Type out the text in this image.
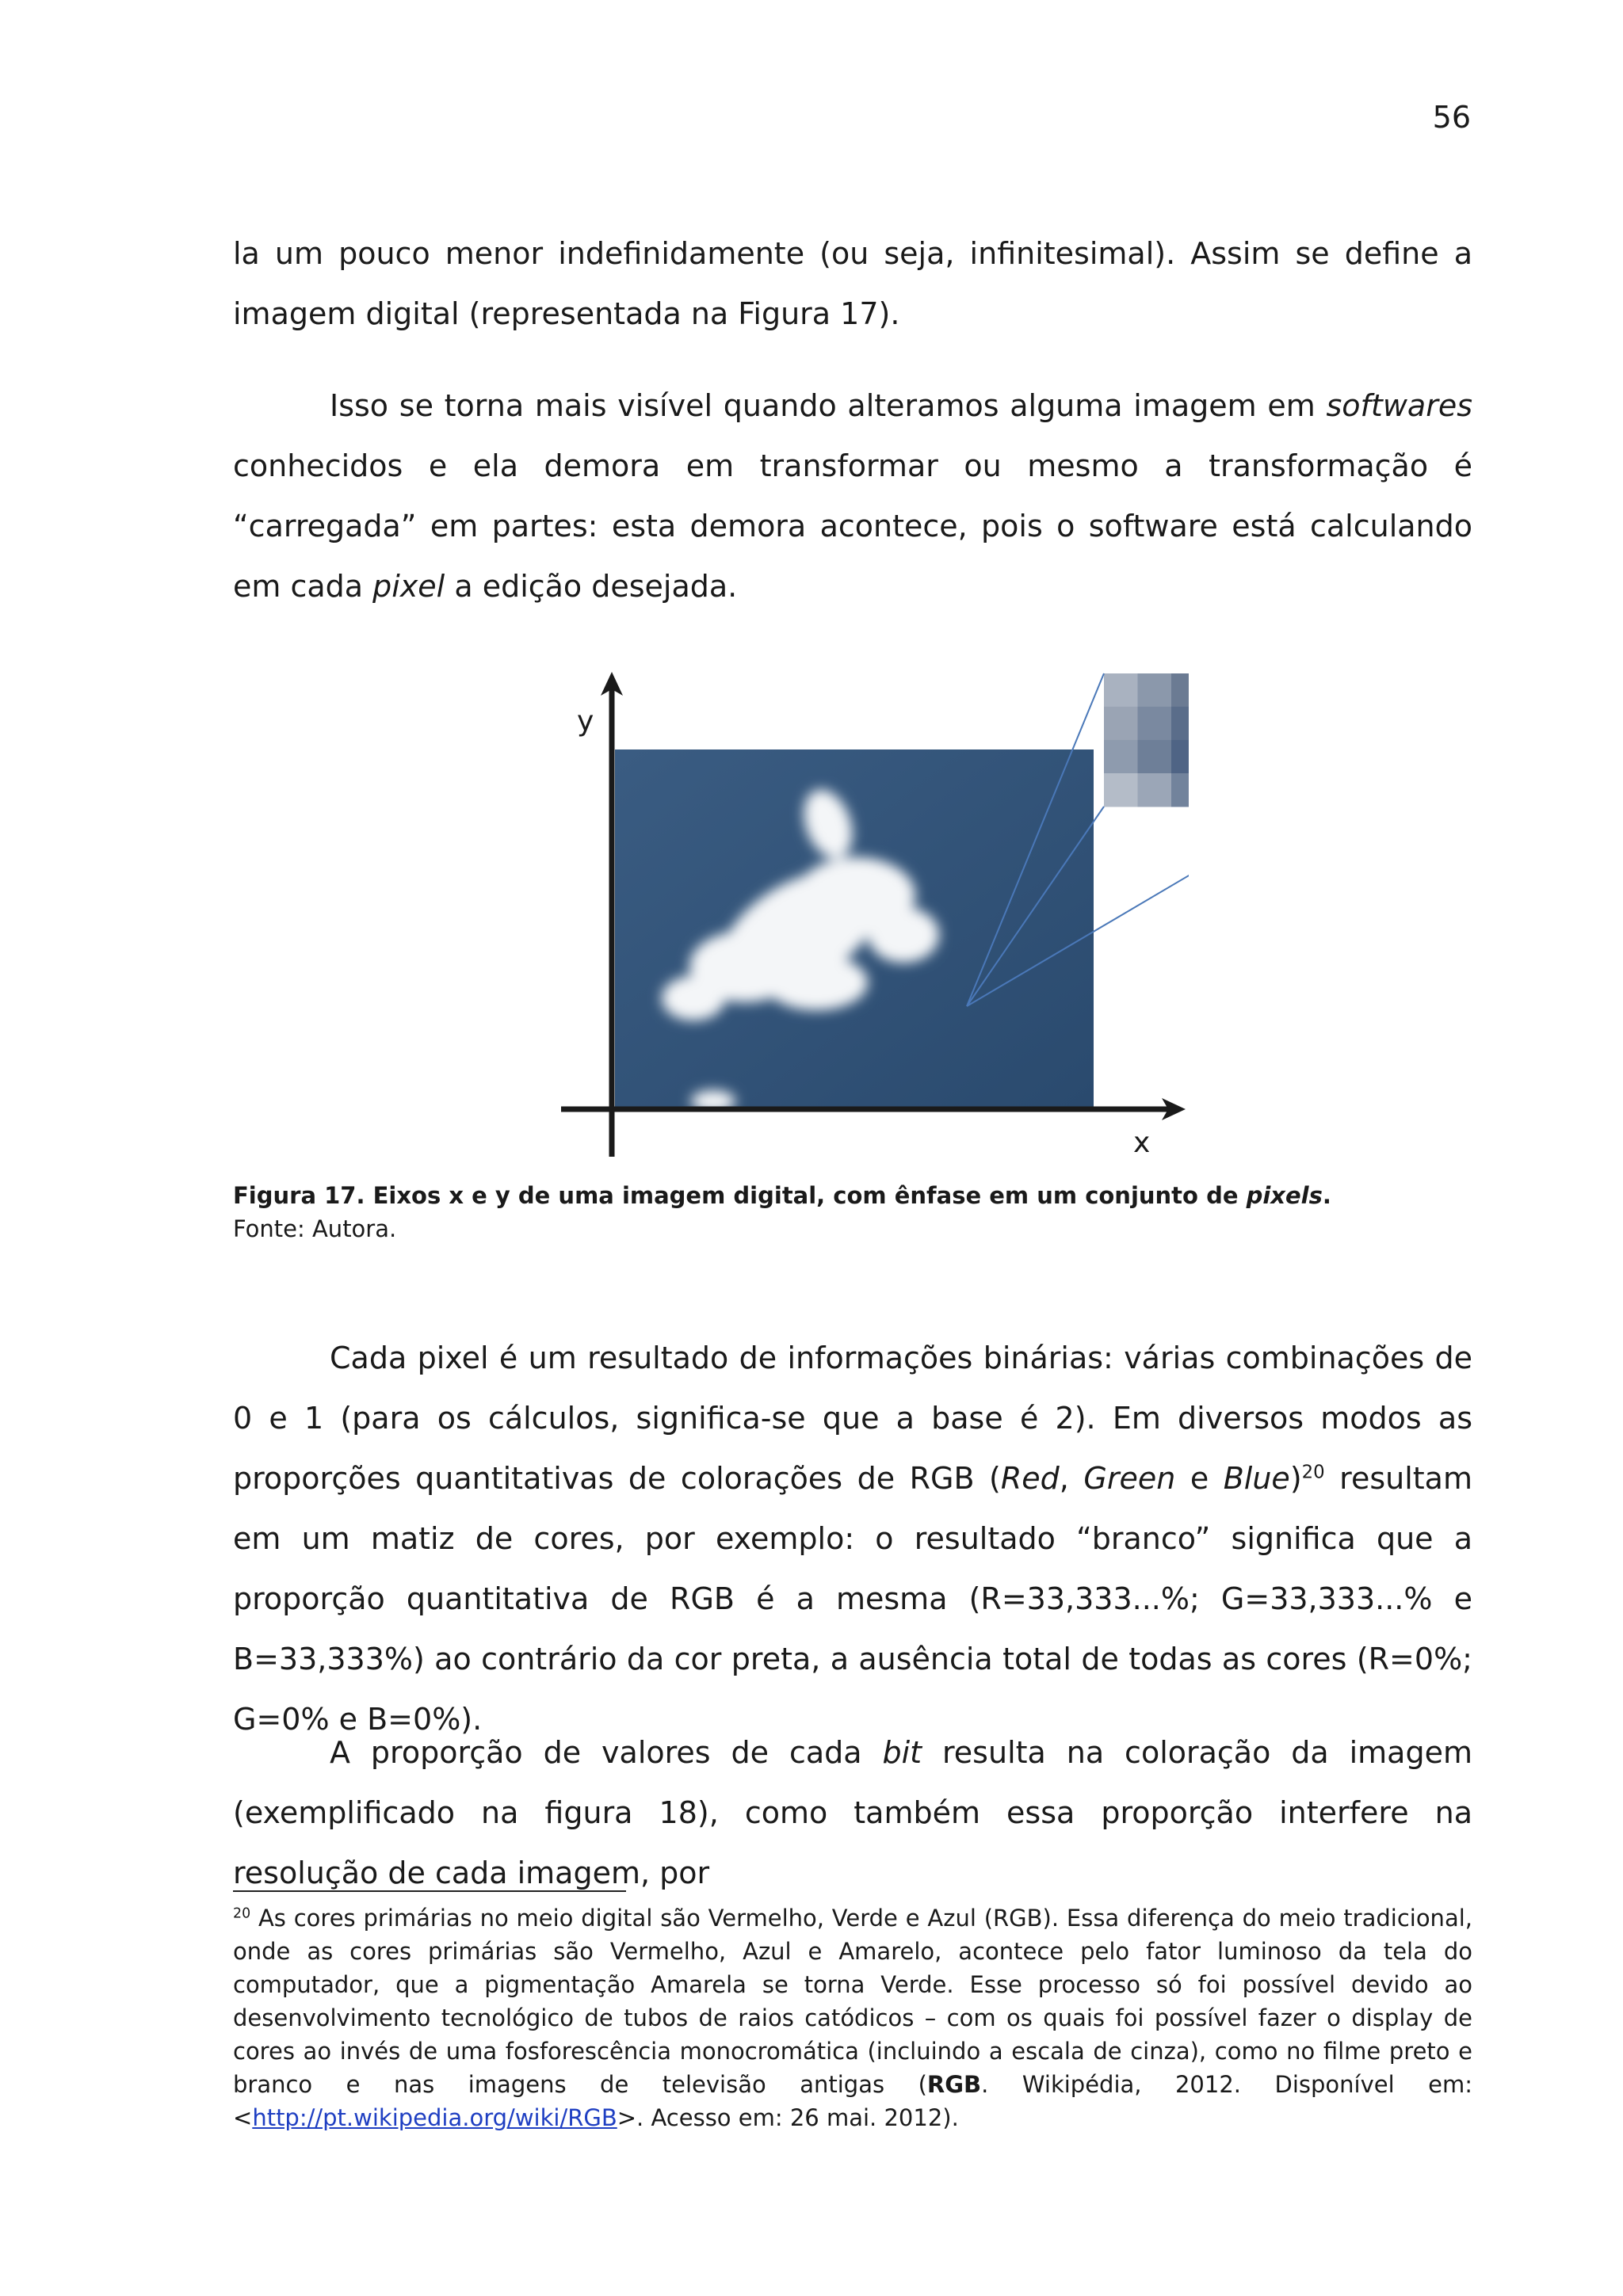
56

la um pouco menor indefinidamente (ou seja, infinitesimal). Assim se define a imagem digital (representada na Figura 17).

Isso se torna mais visível quando alteramos alguma imagem em softwares conhecidos e ela demora em transformar ou mesmo a transformação é “carregada” em partes: esta demora acontece, pois o software está calculando em cada pixel a edição desejada.

y
x
Figura 17. Eixos x e y de uma imagem digital, com ênfase em um conjunto de pixels.
Fonte: Autora.

Cada pixel é um resultado de informações binárias: várias combinações de 0 e 1 (para os cálculos, significa-se que a base é 2). Em diversos modos as proporções quantitativas de colorações de RGB (Red, Green e Blue)$^{20}$ resultam em um matiz de cores, por exemplo: o resultado “branco” significa que a proporção quantitativa de RGB é a mesma (R=33,333...%; G=33,333...% e B=33,333%) ao contrário da cor preta, a ausência total de todas as cores (R=0%; G=0% e B=0%).

A proporção de valores de cada bit resulta na coloração da imagem (exemplificado na figura 18), como também essa proporção interfere na resolução de cada imagem, por

$^{20}$ As cores primárias no meio digital são Vermelho, Verde e Azul (RGB). Essa diferença do meio tradicional, onde as cores primárias são Vermelho, Azul e Amarelo, acontece pelo fator luminoso da tela do computador, que a pigmentação Amarela se torna Verde. Esse processo só foi possível devido ao desenvolvimento tecnológico de tubos de raios catódicos – com os quais foi possível fazer o display de cores ao invés de uma fosforescência monocromática (incluindo a escala de cinza), como no filme preto e branco e nas imagens de televisão antigas (RGB. Wikipédia, 2012. Disponível em: <http://pt.wikipedia.org/wiki/RGB>. Acesso em: 26 mai. 2012).
